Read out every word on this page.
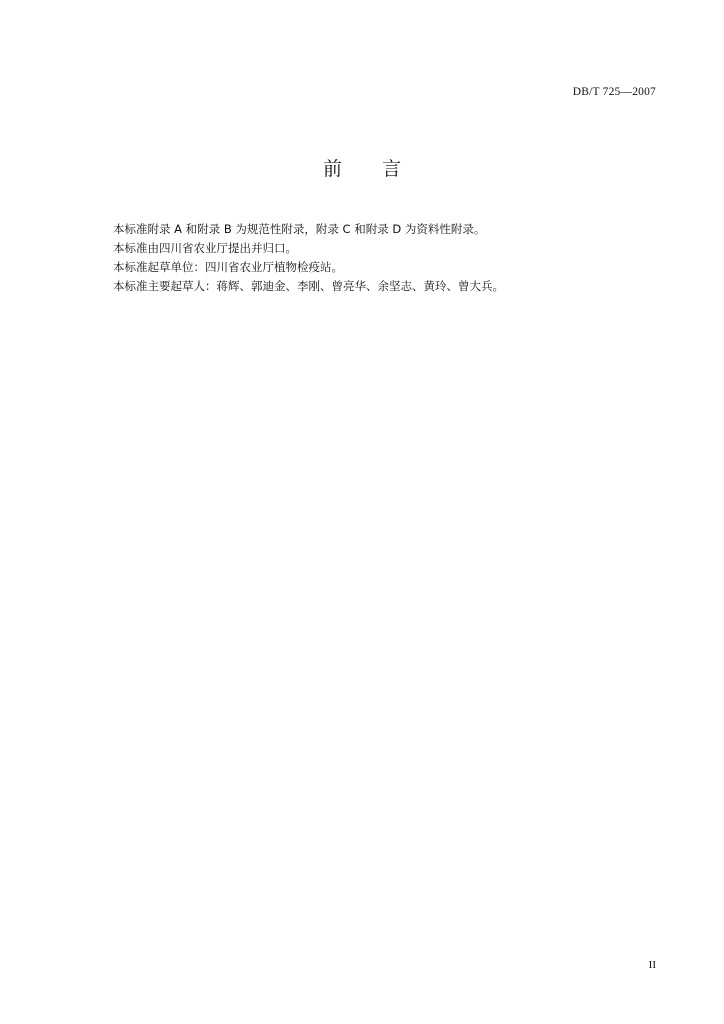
DB/T 725—2007
前言

本标准附录 A 和附录 B 为规范性附录，附录 C 和附录 D 为资料性附录。

本标准由四川省农业厅提出并归口。

本标准起草单位：四川省农业厅植物检疫站。

本标准主要起草人：蒋辉、郭迪金、李刚、曾亮华、余坚志、黄玲、曾大兵。

II
